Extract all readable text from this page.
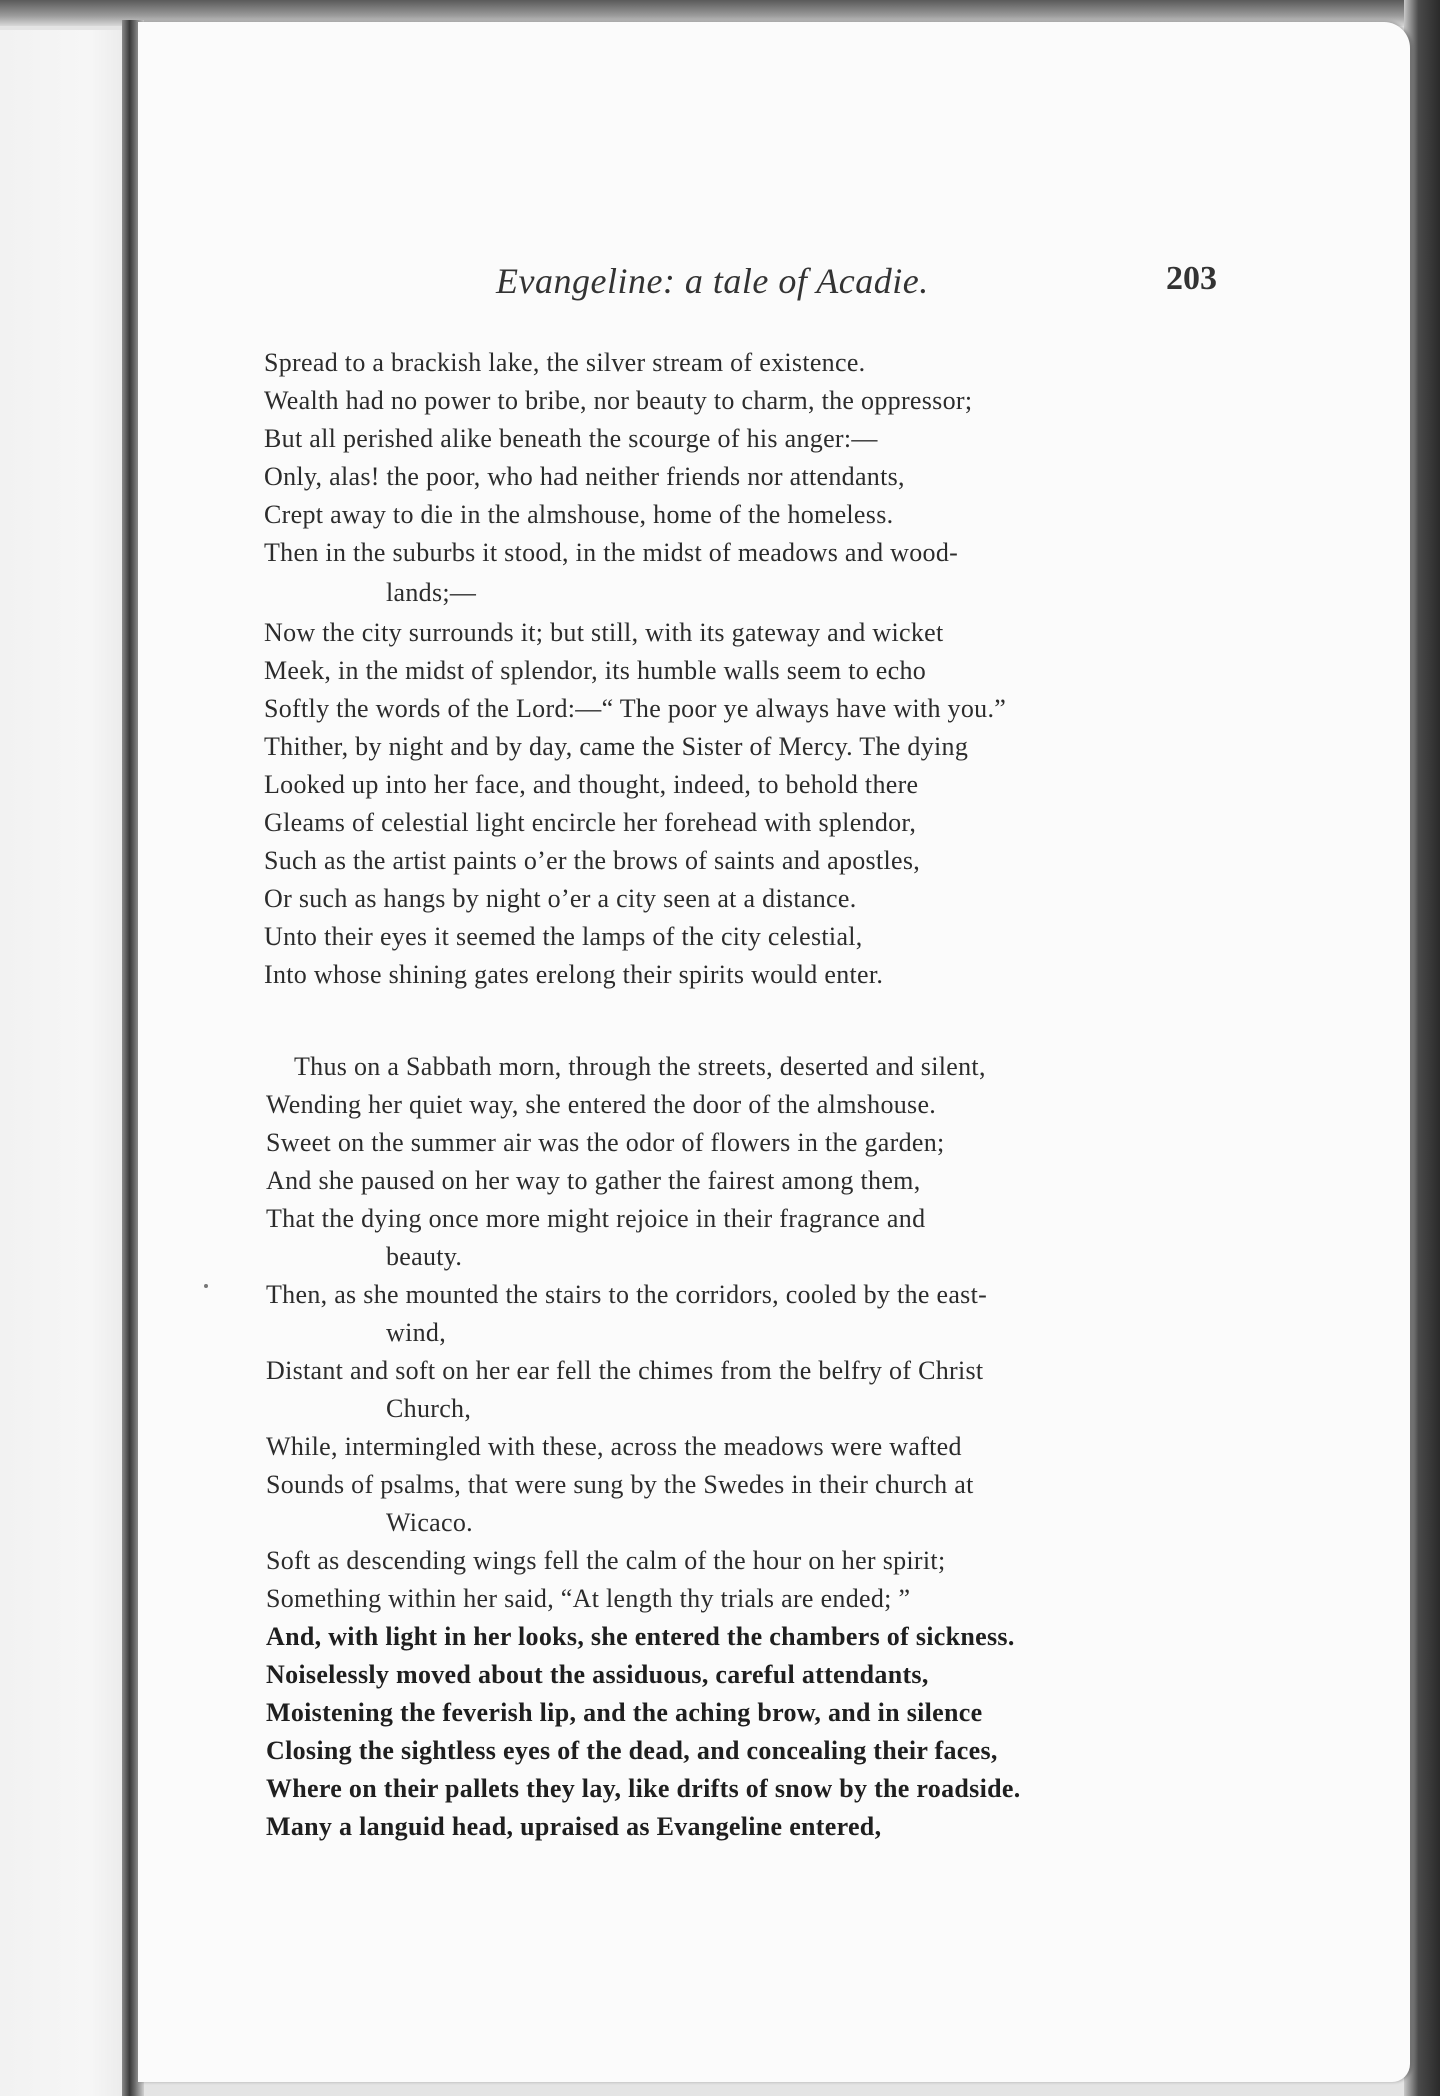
Evangeline: a tale of Acadie.	203
Spread to a brackish lake, the silver stream of existence.
Wealth had no power to bribe, nor beauty to charm, the oppressor;
But all perished alike beneath the scourge of his anger:—
Only, alas! the poor, who had neither friends nor attendants,
Crept away to die in the almshouse, home of the homeless.
Then in the suburbs it stood, in the midst of meadows and wood-
lands;—
Now the city surrounds it; but still, with its gateway and wicket
Meek, in the midst of splendor, its humble walls seem to echo
Softly the words of the Lord:—“ The poor ye always have with you.”
Thither, by night and by day, came the Sister of Mercy. The dying
Looked up into her face, and thought, indeed, to behold there
Gleams of celestial light encircle her forehead with splendor,
Such as the artist paints o’er the brows of saints and apostles,
Or such as hangs by night o’er a city seen at a distance.
Unto their eyes it seemed the lamps of the city celestial,
Into whose shining gates erelong their spirits would enter.
Thus on a Sabbath morn, through the streets, deserted and silent,
Wending her quiet way, she entered the door of the almshouse.
Sweet on the summer air was the odor of flowers in the garden;
And she paused on her way to gather the fairest among them,
That the dying once more might rejoice in their fragrance and
beauty.
Then, as she mounted the stairs to the corridors, cooled by the east-
wind,
Distant and soft on her ear fell the chimes from the belfry of Christ
Church,
While, intermingled with these, across the meadows were wafted
Sounds of psalms, that were sung by the Swedes in their church at
Wicaco.
Soft as descending wings fell the calm of the hour on her spirit;
Something within her said, “At length thy trials are ended; ”
And, with light in her looks, she entered the chambers of sickness.
Noiselessly moved about the assiduous, careful attendants,
Moistening the feverish lip, and the aching brow, and in silence
Closing the sightless eyes of the dead, and concealing their faces,
Where on their pallets they lay, like drifts of snow by the roadside.
Many a languid head, upraised as Evangeline entered,
